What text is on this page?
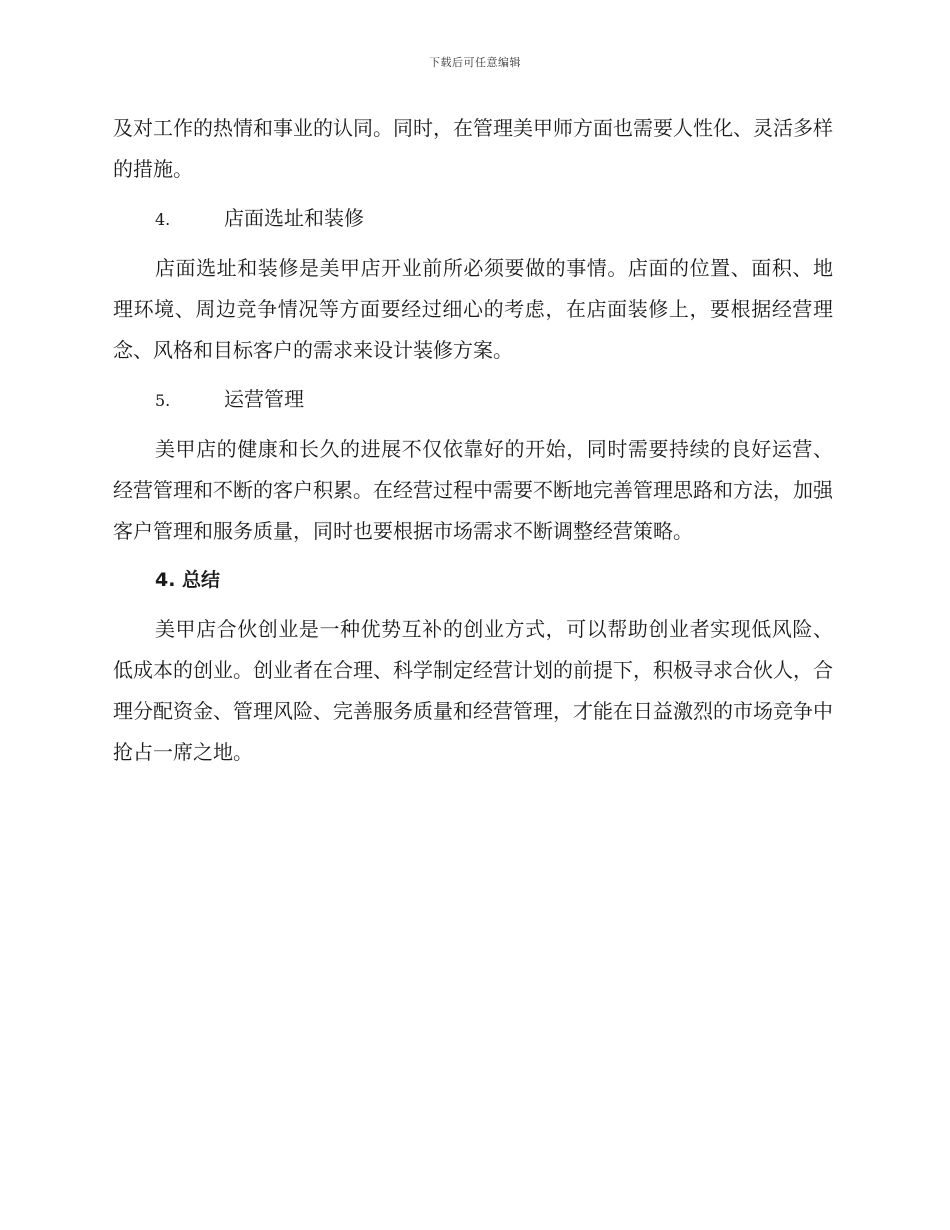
下载后可任意编辑

及对工作的热情和事业的认同。同时，在管理美甲师方面也需要人性化、灵活多样的措施。

4.	店面选址和装修

店面选址和装修是美甲店开业前所必须要做的事情。店面的位置、面积、地理环境、周边竞争情况等方面要经过细心的考虑，在店面装修上，要根据经营理念、风格和目标客户的需求来设计装修方案。

5.	运营管理

美甲店的健康和长久的进展不仅依靠好的开始，同时需要持续的良好运营、经营管理和不断的客户积累。在经营过程中需要不断地完善管理思路和方法，加强客户管理和服务质量，同时也要根据市场需求不断调整经营策略。

4. 总结

美甲店合伙创业是一种优势互补的创业方式，可以帮助创业者实现低风险、低成本的创业。创业者在合理、科学制定经营计划的前提下，积极寻求合伙人，合理分配资金、管理风险、完善服务质量和经营管理，才能在日益激烈的市场竞争中抢占一席之地。
